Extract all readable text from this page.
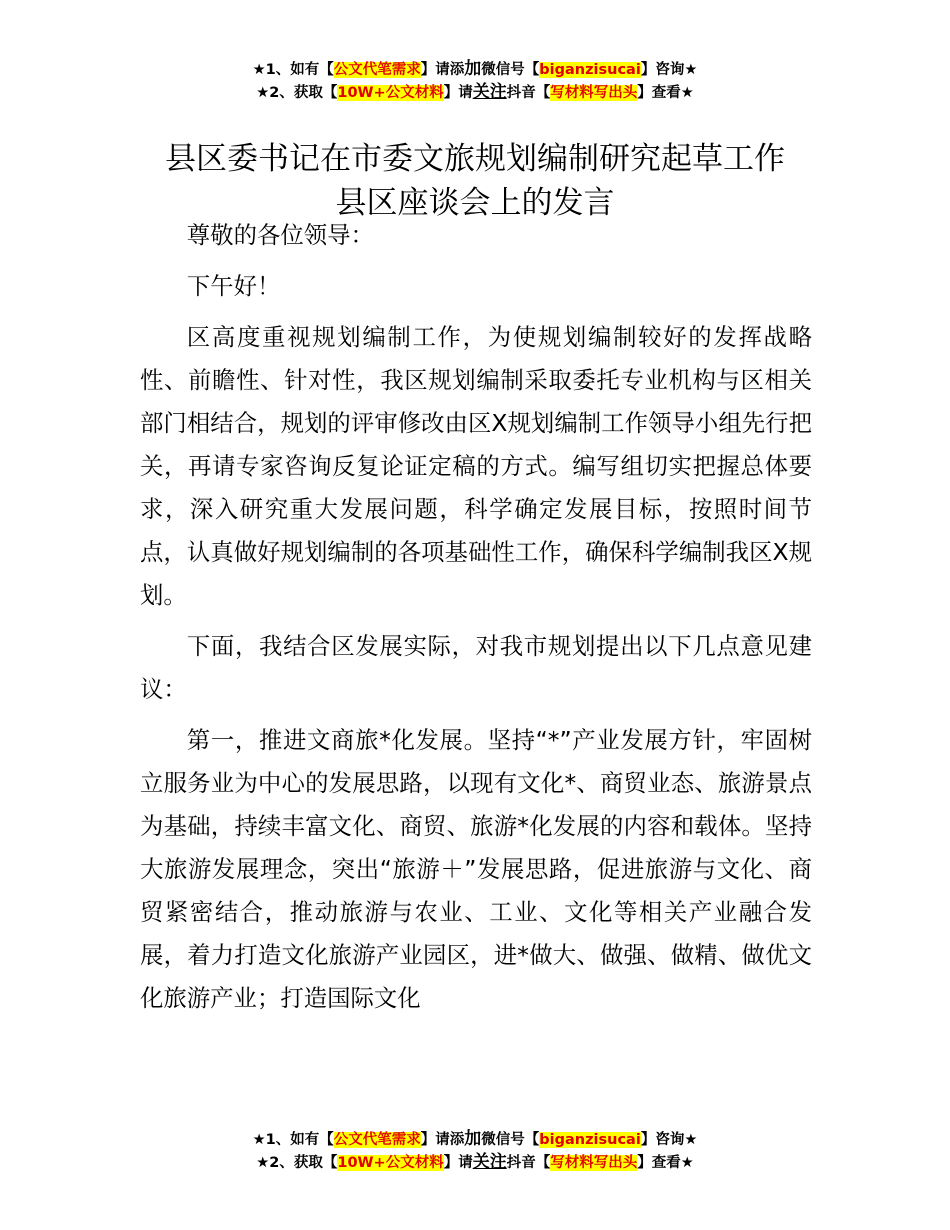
★1、如有【公文代笔需求】请添加微信号【biganzisucai】咨询★
★2、获取【10W+公文材料】请关注抖音【写材料写出头】查看★
县区委书记在市委文旅规划编制研究起草工作
县区座谈会上的发言

尊敬的各位领导：

下午好！

区高度重视规划编制工作，为使规划编制较好的发挥战略性、前瞻性、针对性，我区规划编制采取委托专业机构与区相关部门相结合，规划的评审修改由区X规划编制工作领导小组先行把关，再请专家咨询反复论证定稿的方式。编写组切实把握总体要求，深入研究重大发展问题，科学确定发展目标，按照时间节点，认真做好规划编制的各项基础性工作，确保科学编制我区X规划。

下面，我结合区发展实际，对我市规划提出以下几点意见建议：

第一，推进文商旅*化发展。坚持“*”产业发展方针，牢固树立服务业为中心的发展思路，以现有文化*、商贸业态、旅游景点为基础，持续丰富文化、商贸、旅游*化发展的内容和载体。坚持大旅游发展理念，突出“旅游＋”发展思路，促进旅游与文化、商贸紧密结合，推动旅游与农业、工业、文化等相关产业融合发展，着力打造文化旅游产业园区，进*做大、做强、做精、做优文化旅游产业；打造国际文化

★1、如有【公文代笔需求】请添加微信号【biganzisucai】咨询★
★2、获取【10W+公文材料】请关注抖音【写材料写出头】查看★
